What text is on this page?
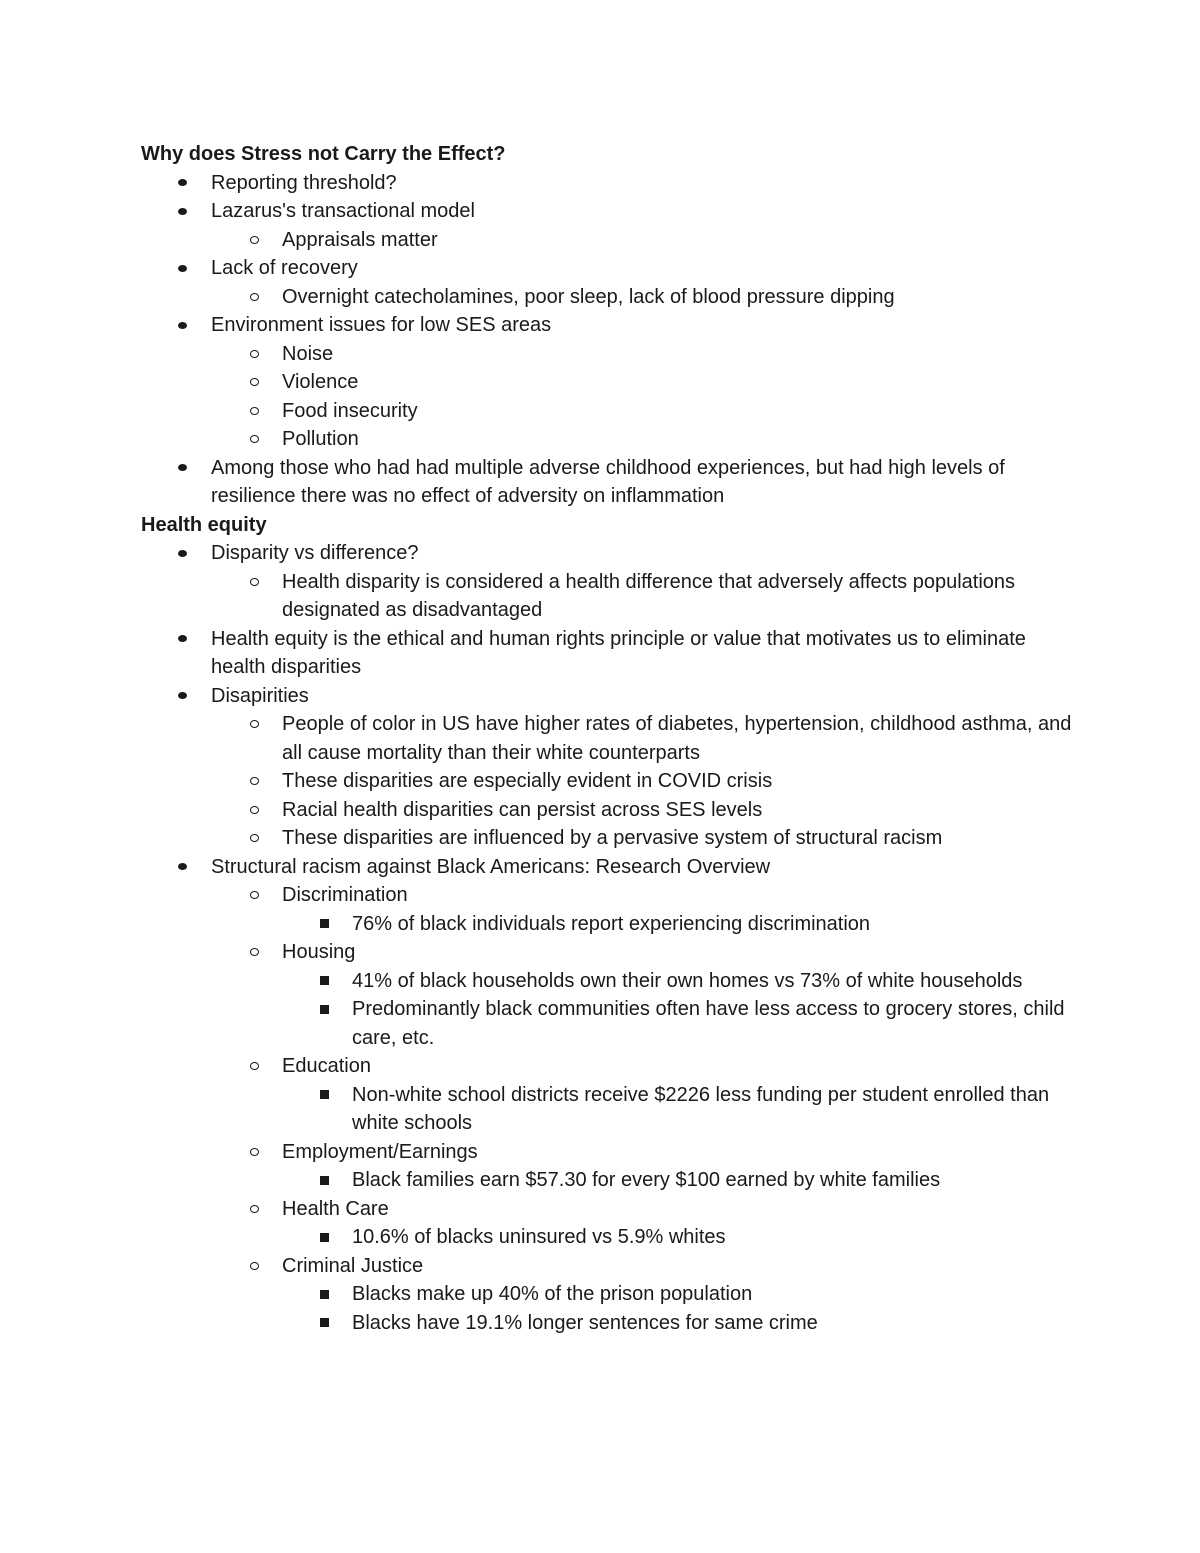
Why does Stress not Carry the Effect?
Reporting threshold?
Lazarus's transactional model
Appraisals matter
Lack of recovery
Overnight catecholamines, poor sleep, lack of blood pressure dipping
Environment issues for low SES areas
Noise
Violence
Food insecurity
Pollution
Among those who had had multiple adverse childhood experiences, but had high levels of resilience there was no effect of adversity on inflammation
Health equity
Disparity vs difference?
Health disparity is considered a health difference that adversely affects populations designated as disadvantaged
Health equity is the ethical and human rights principle or value that motivates us to eliminate health disparities
Disapirities
People of color in US have higher rates of diabetes, hypertension, childhood asthma, and all cause mortality than their white counterparts
These disparities are especially evident in COVID crisis
Racial health disparities can persist across SES levels
These disparities are influenced by a pervasive system of structural racism
Structural racism against Black Americans: Research Overview
Discrimination
76% of black individuals report experiencing discrimination
Housing
41% of black households own their own homes vs 73% of white households
Predominantly black communities often have less access to grocery stores, child care, etc.
Education
Non-white school districts receive $2226 less funding per student enrolled than white schools
Employment/Earnings
Black families earn $57.30 for every $100 earned by white families
Health Care
10.6% of blacks uninsured vs 5.9% whites
Criminal Justice
Blacks make up 40% of the prison population
Blacks have 19.1% longer sentences for same crime
